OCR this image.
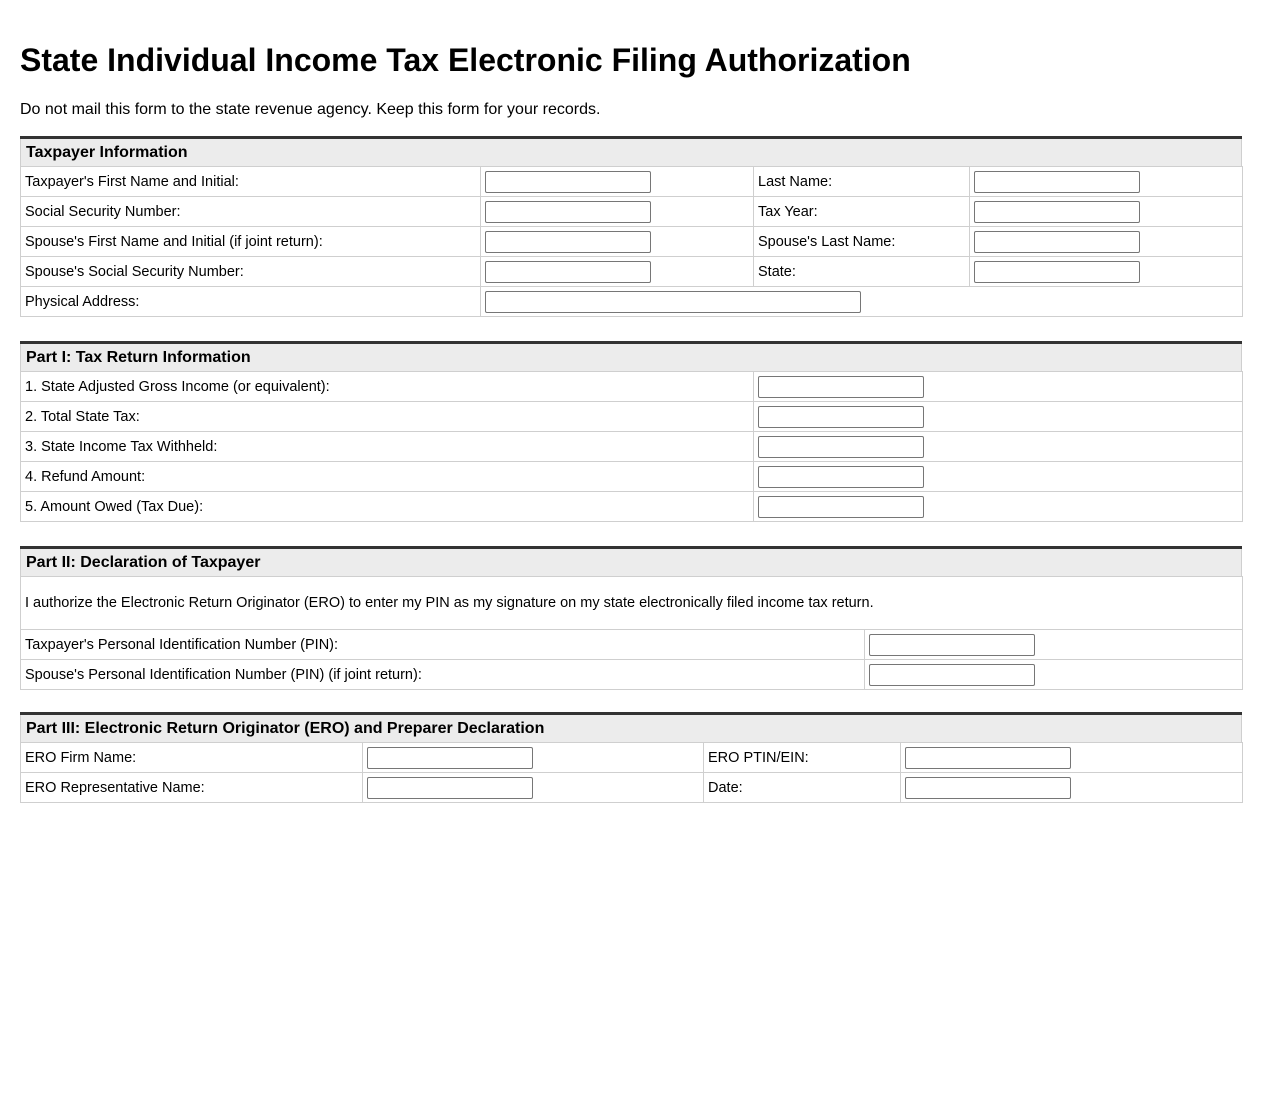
State Individual Income Tax Electronic Filing Authorization
Do not mail this form to the state revenue agency. Keep this form for your records.
Taxpayer Information
Taxpayer's First Name and Initial:		Last Name:	

Social Security Number:		Tax Year:	

Spouse's First Name and Initial (if joint return):		Spouse's Last Name:	

Spouse's Social Security Number:		State:	

Physical Address:	
Part I: Tax Return Information
1. State Adjusted Gross Income (or equivalent):	

2. Total State Tax:	

3. State Income Tax Withheld:	

4. Refund Amount:	

5. Amount Owed (Tax Due):	
Part II: Declaration of Taxpayer
I authorize the Electronic Return Originator (ERO) to enter my PIN as my signature on my state electronically filed income tax return.	
Taxpayer's Personal Identification Number (PIN):	

Spouse's Personal Identification Number (PIN) (if joint return):	
Part III: Electronic Return Originator (ERO) and Preparer Declaration
ERO Firm Name:		ERO PTIN/EIN:	

ERO Representative Name:		Date:	
